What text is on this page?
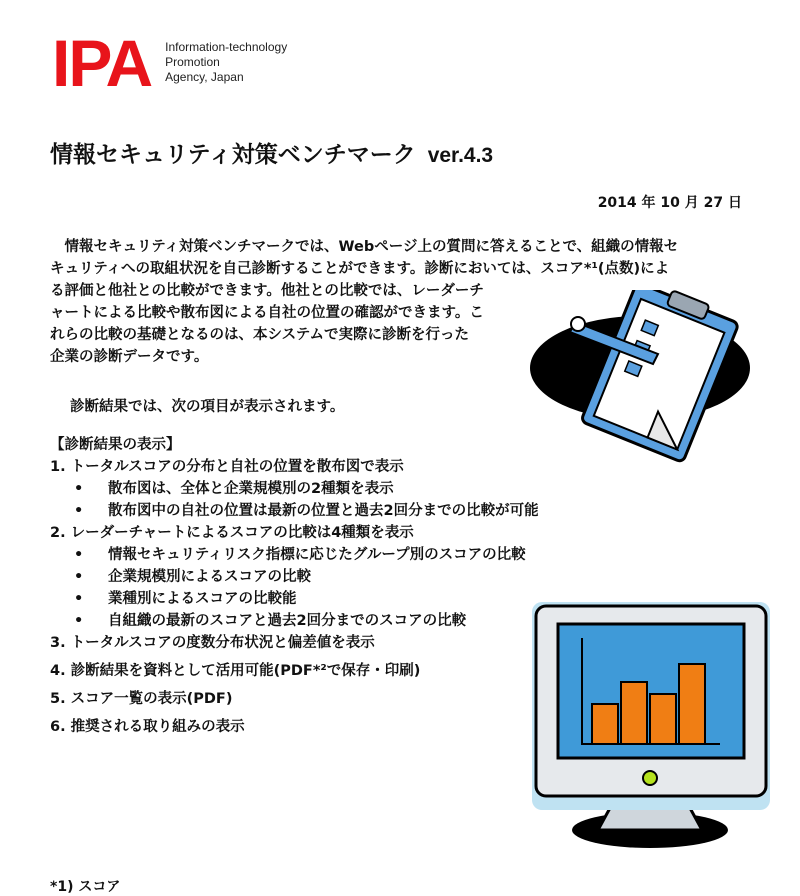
IPA Information-technology
Promotion
Agency, Japan
情報セキュリティ対策ベンチマーク ver.4.3
2014 年 10 月 27 日
　情報セキュリティ対策ベンチマークでは、Webページ上の質問に答えることで、組織の情報セ
キュリティへの取組状況を自己診断することができます。診断においては、スコア*¹(点数)によ
る評価と他社との比較ができます。他社との比較では、レーダーチ
ャートによる比較や散布図による自社の位置の確認ができます。こ
れらの比較の基礎となるのは、本システムで実際に診断を行った
企業の診断データです。
診断結果では、次の項目が表示されます。
【診断結果の表示】
1. トータルスコアの分布と自社の位置を散布図で表示
• 散布図は、全体と企業規模別の2種類を表示
• 散布図中の自社の位置は最新の位置と過去2回分までの比較が可能
2. レーダーチャートによるスコアの比較は4種類を表示
• 情報セキュリティリスク指標に応じたグループ別のスコアの比較
• 企業規模別によるスコアの比較
• 業種別によるスコアの比較能
• 自組織の最新のスコアと過去2回分までのスコアの比較
3. トータルスコアの度数分布状況と偏差値を表示
4. 診断結果を資料として活用可能(PDF*²で保存・印刷)
5. スコア一覧の表示(PDF)
6. 推奨される取り組みの表示
*1) スコア
